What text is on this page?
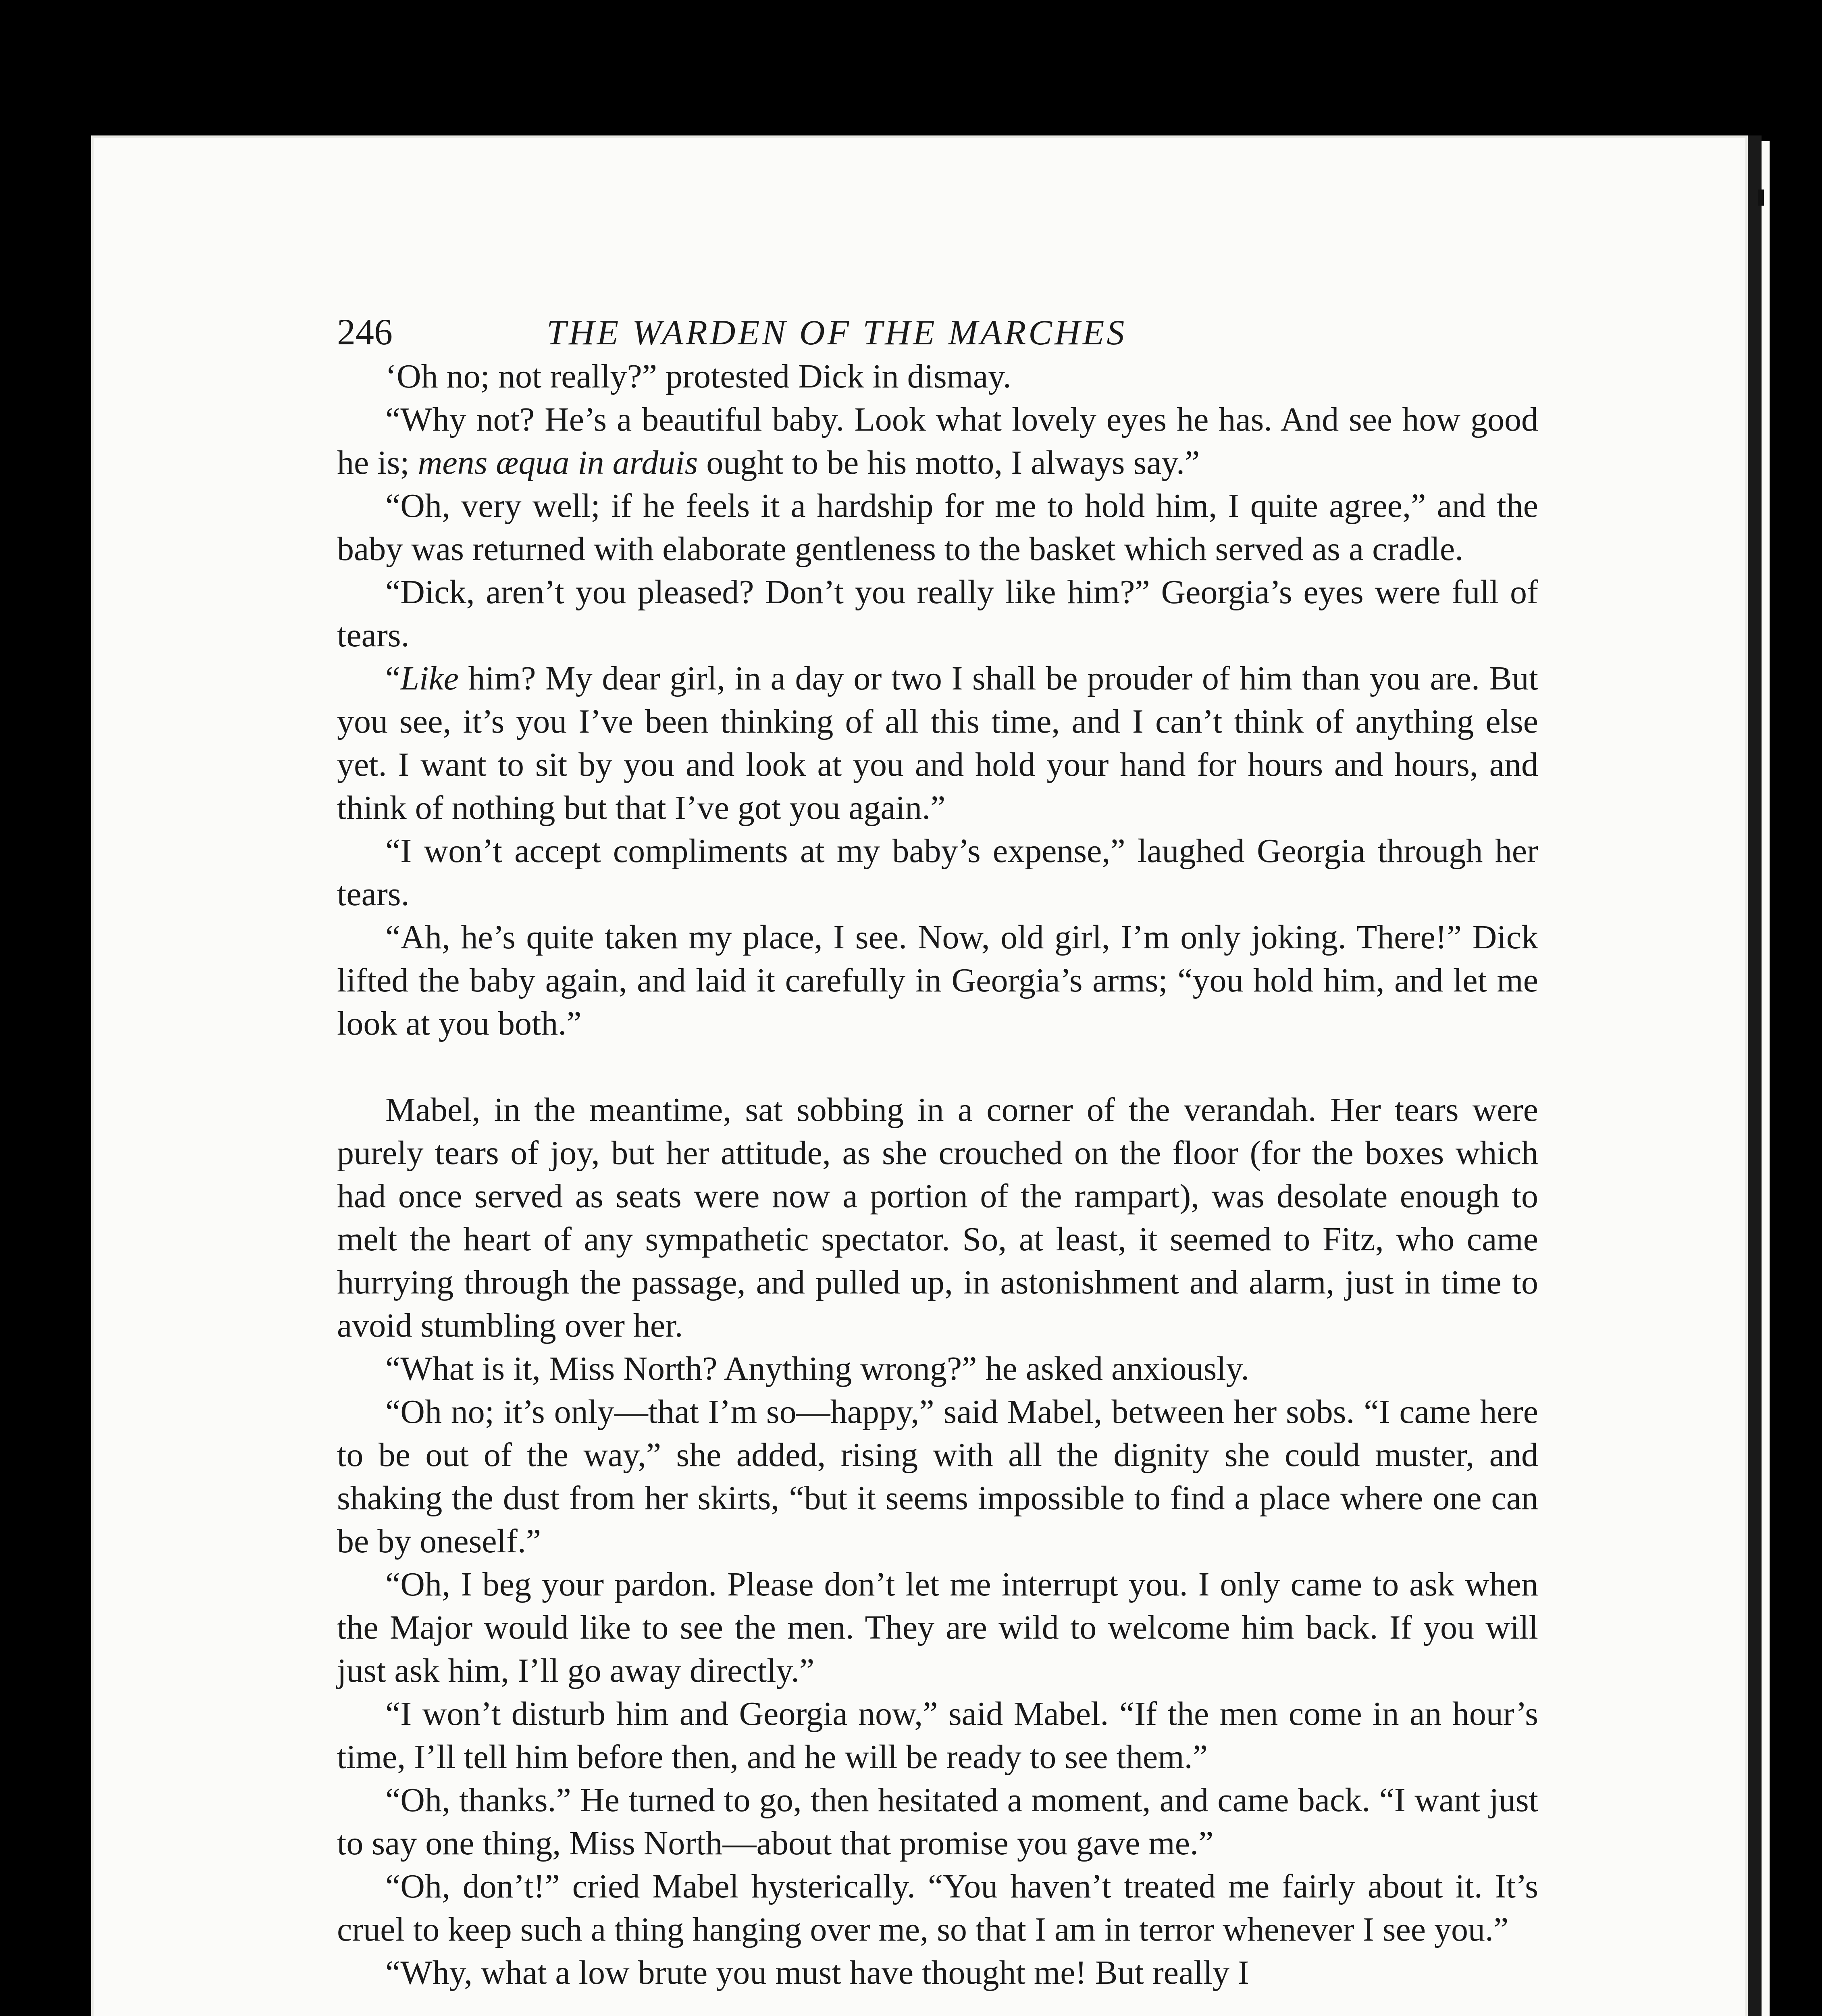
246	THE WARDEN OF THE MARCHES

‘Oh no; not really?” protested Dick in dismay.

“Why not? He’s a beautiful baby. Look what lovely eyes he has. And see how good he is; mens æqua in arduis ought to be his motto, I always say.”

“Oh, very well; if he feels it a hardship for me to hold him, I quite agree,” and the baby was returned with elaborate gentleness to the basket which served as a cradle.

“Dick, aren’t you pleased? Don’t you really like him?” Georgia’s eyes were full of tears.

“Like him? My dear girl, in a day or two I shall be prouder of him than you are. But you see, it’s you I’ve been thinking of all this time, and I can’t think of anything else yet. I want to sit by you and look at you and hold your hand for hours and hours, and think of nothing but that I’ve got you again.”

“I won’t accept compliments at my baby’s expense,” laughed Georgia through her tears.

“Ah, he’s quite taken my place, I see. Now, old girl, I’m only joking. There!” Dick lifted the baby again, and laid it carefully in Georgia’s arms; “you hold him, and let me look at you both.”

Mabel, in the meantime, sat sobbing in a corner of the verandah. Her tears were purely tears of joy, but her attitude, as she crouched on the floor (for the boxes which had once served as seats were now a portion of the rampart), was desolate enough to melt the heart of any sympathetic spectator. So, at least, it seemed to Fitz, who came hurrying through the passage, and pulled up, in astonishment and alarm, just in time to avoid stumbling over her.

“What is it, Miss North? Anything wrong?” he asked anxiously.

“Oh no; it’s only—that I’m so—happy,” said Mabel, between her sobs. “I came here to be out of the way,” she added, rising with all the dignity she could muster, and shaking the dust from her skirts, “but it seems impossible to find a place where one can be by oneself.”

“Oh, I beg your pardon. Please don’t let me interrupt you. I only came to ask when the Major would like to see the men. They are wild to welcome him back. If you will just ask him, I’ll go away directly.”

“I won’t disturb him and Georgia now,” said Mabel. “If the men come in an hour’s time, I’ll tell him before then, and he will be ready to see them.”

“Oh, thanks.” He turned to go, then hesitated a moment, and came back. “I want just to say one thing, Miss North—about that promise you gave me.”

“Oh, don’t!” cried Mabel hysterically. “You haven’t treated me fairly about it. It’s cruel to keep such a thing hanging over me, so that I am in terror whenever I see you.”

“Why, what a low brute you must have thought me! But really I
